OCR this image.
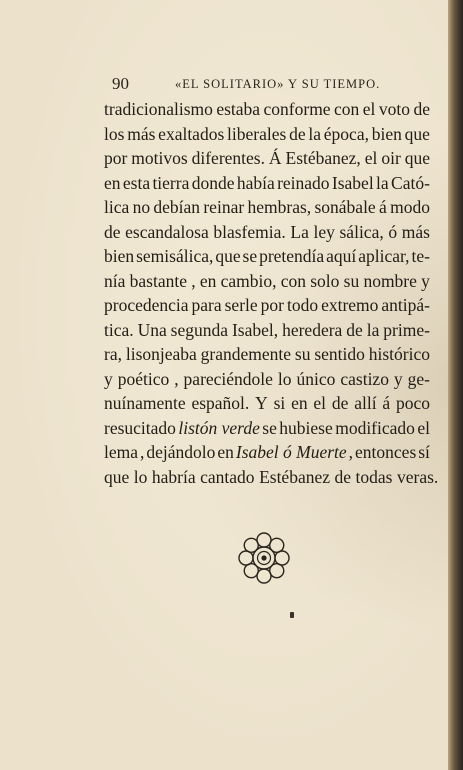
90	«EL SOLITARIO» Y SU TIEMPO.
tradicionalismo estaba conforme con el voto de
los más exaltados liberales de la época, bien que
por motivos diferentes. Á Estébanez, el oir que
en esta tierra donde había reinado Isabel la Cató-
lica no debían reinar hembras, sonábale á modo
de escandalosa blasfemia. La ley sálica, ó más
bien semisálica, que se pretendía aquí aplicar, te-
nía bastante , en cambio, con solo su nombre y
procedencia para serle por todo extremo antipá-
tica. Una segunda Isabel, heredera de la prime-
ra, lisonjeaba grandemente su sentido histórico
y poético , pareciéndole lo único castizo y ge-
nuínamente español. Y si en el de allí á poco
resucitado listón verde se hubiese modificado el
lema , dejándolo en Isabel ó Muerte , entonces sí
que lo habría cantado Estébanez de todas veras.
